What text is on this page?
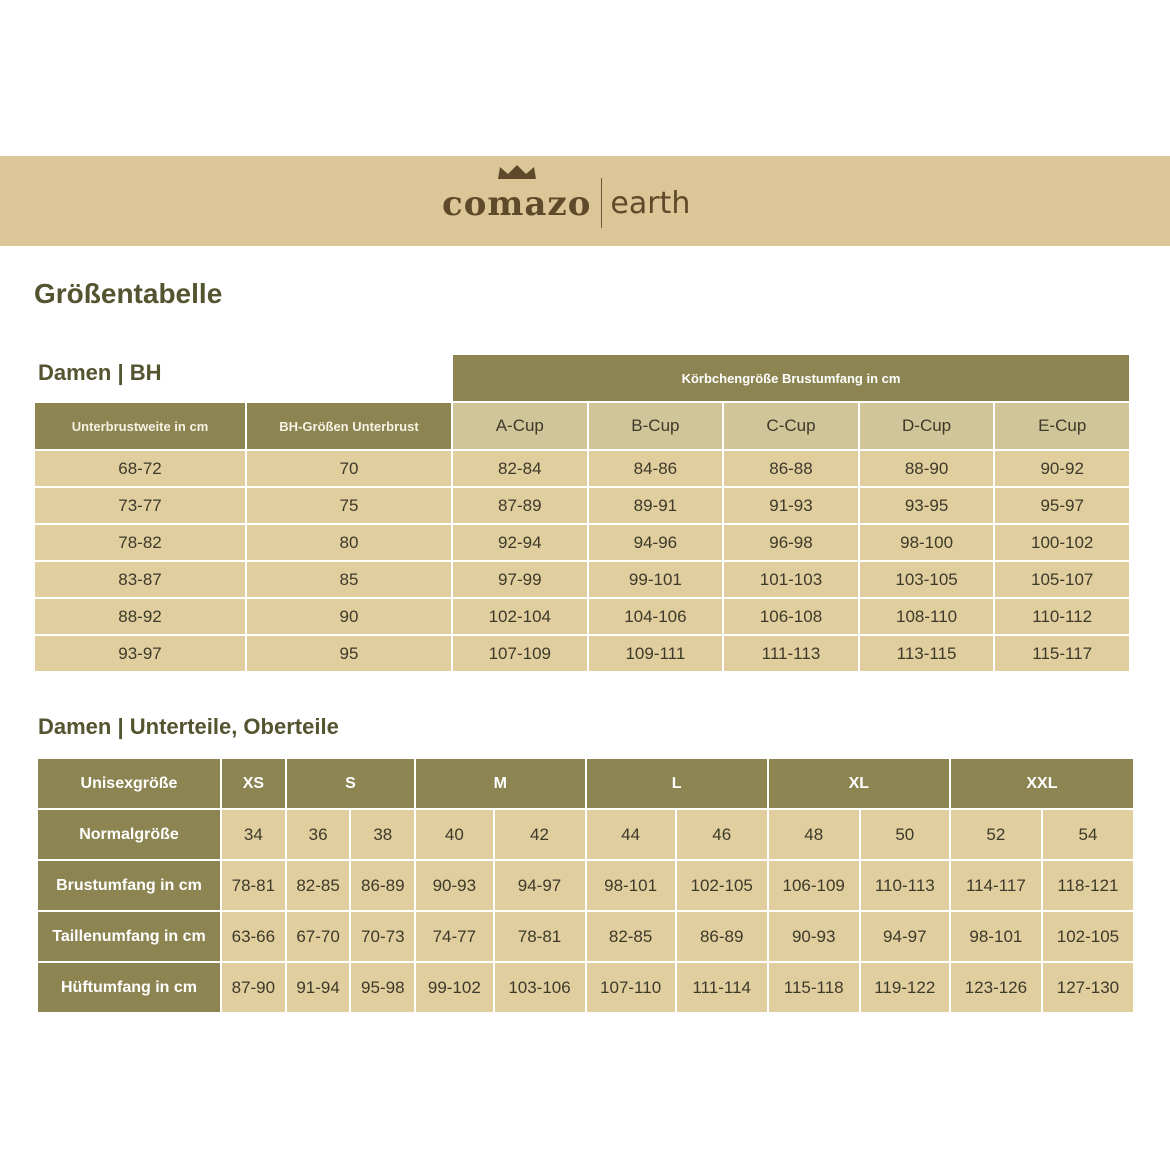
comazo earth
Größentabelle
Damen | BH
		Körbchengröße Brustumfang in cm				
Unterbrustweite in cm	BH-Größen Unterbrust	A-Cup	B-Cup	C-Cup	D-Cup	E-Cup
68-72	70	82-84	84-86	86-88	88-90	90-92
73-77	75	87-89	89-91	91-93	93-95	95-97
78-82	80	92-94	94-96	96-98	98-100	100-102
83-87	85	97-99	99-101	101-103	103-105	105-107
88-92	90	102-104	104-106	106-108	108-110	110-112
93-97	95	107-109	109-111	111-113	113-115	115-117
Damen | Unterteile, Oberteile
Unisexgröße	XS	S		M		L		XL		XXL	
Normalgröße	34	36	38	40	42	44	46	48	50	52	54
Brustumfang in cm	78-81	82-85	86-89	90-93	94-97	98-101	102-105	106-109	110-113	114-117	118-121
Taillenumfang in cm	63-66	67-70	70-73	74-77	78-81	82-85	86-89	90-93	94-97	98-101	102-105
Hüftumfang in cm	87-90	91-94	95-98	99-102	103-106	107-110	111-114	115-118	119-122	123-126	127-130
